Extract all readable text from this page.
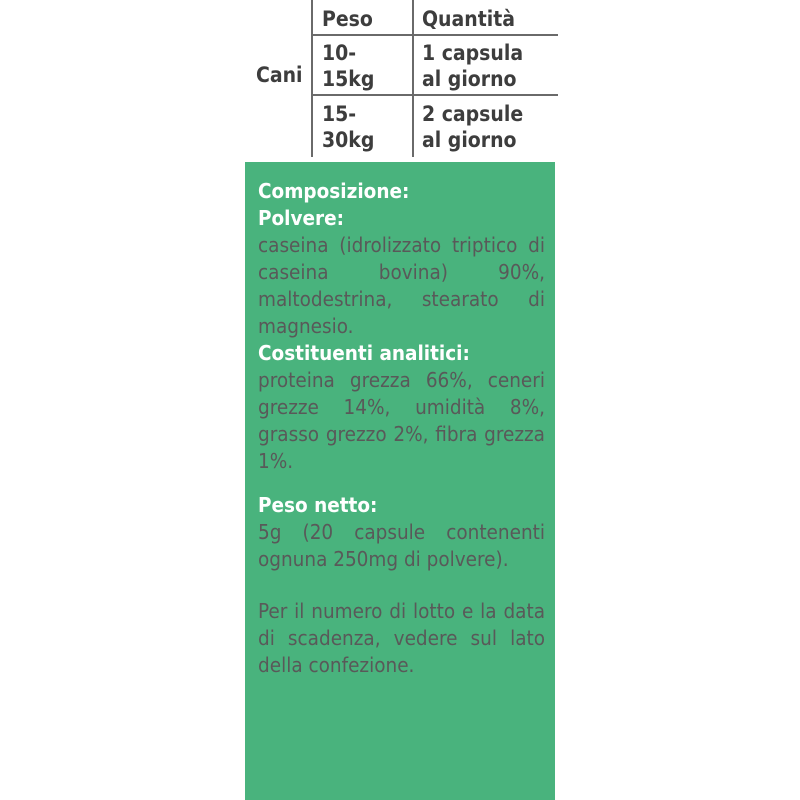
Peso Quantità
Cani
10-
15kg
1 capsula
al giorno
15-
30kg
2 capsule
al giorno

Composizione:

Polvere:

caseina (idrolizzato triptico di caseina bovina) 90%, maltodestrina, stearato di magnesio.

Costituenti analitici:

proteina grezza 66%, ceneri grezze 14%, umidità 8%, grasso grezzo 2%, fibra grezza 1%.

Peso netto:

5g (20 capsule contenenti ognuna 250mg di polvere).

Per il numero di lotto e la data di scadenza, vedere sul lato della confezione.
